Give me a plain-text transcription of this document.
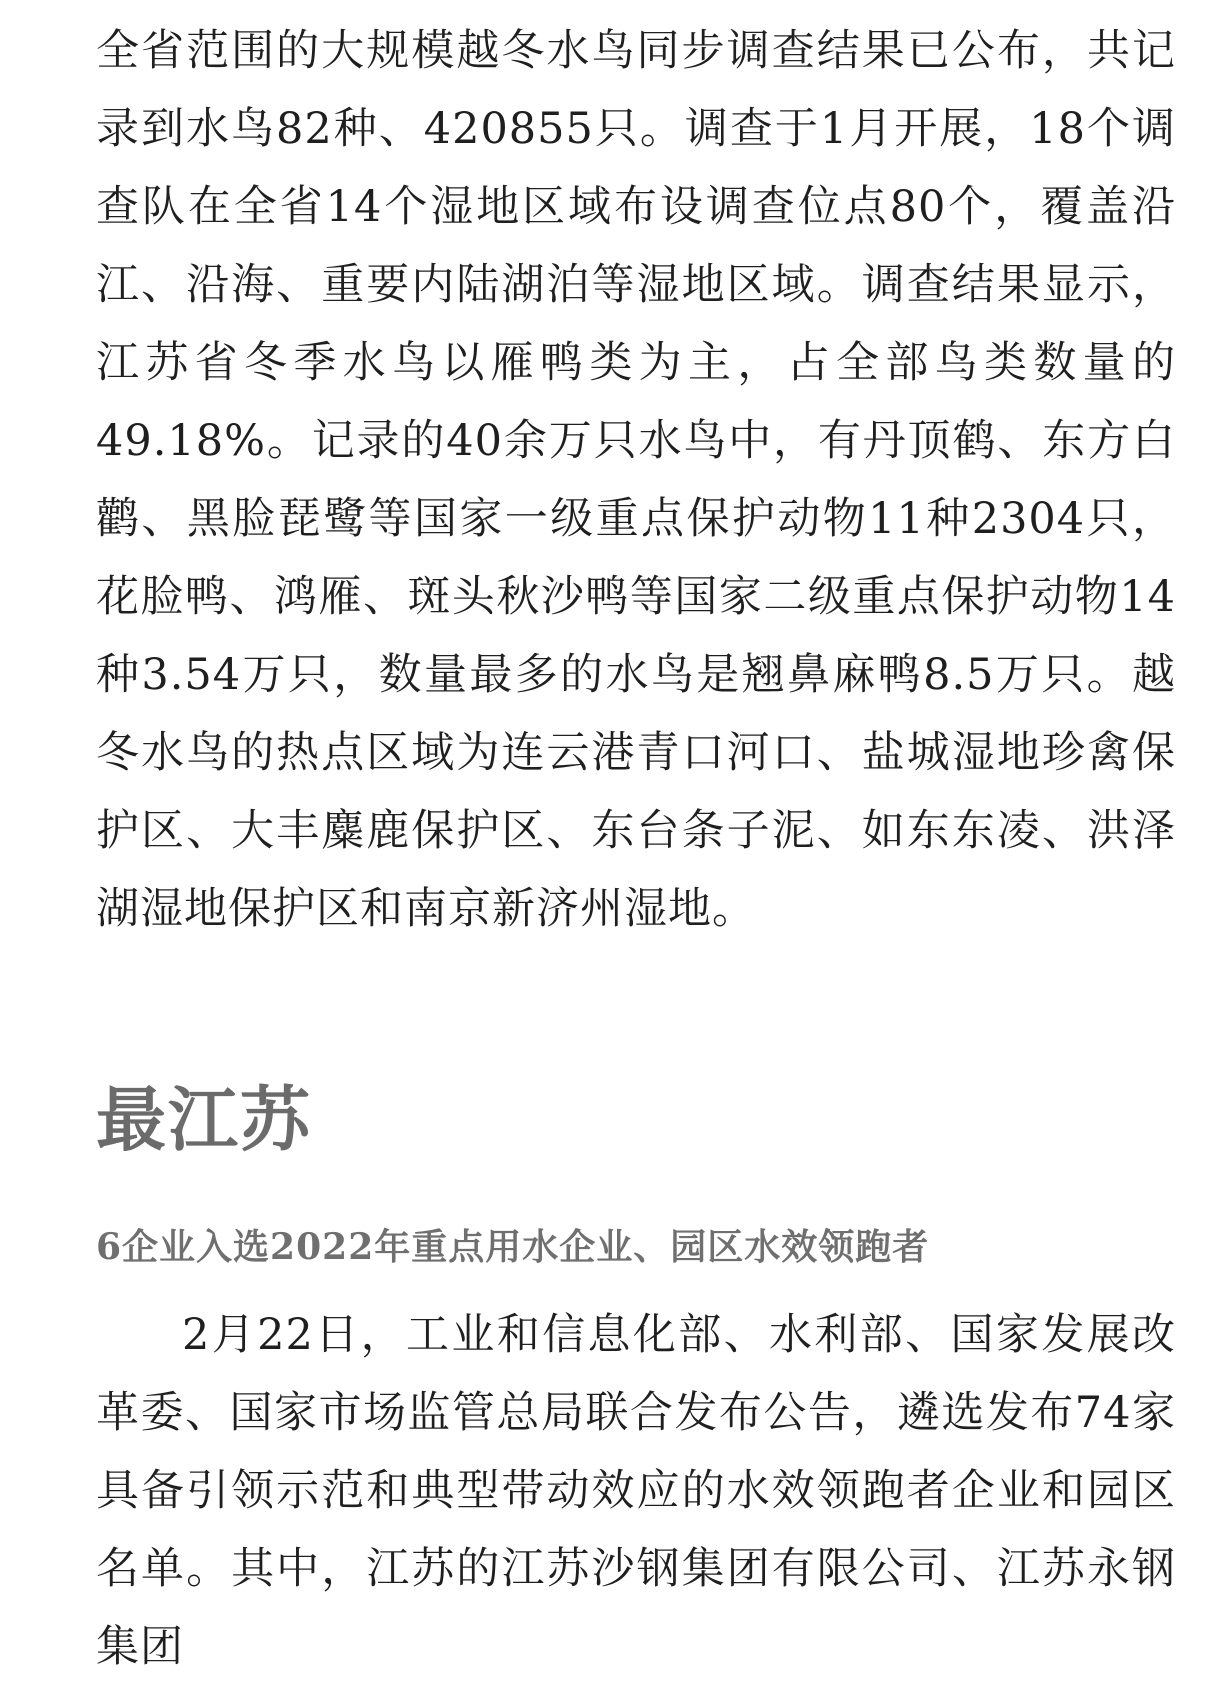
全省范围的大规模越冬水鸟同步调查结果已公布，共记录到水鸟82种、420855只。调查于1月开展，18个调查队在全省14个湿地区域布设调查位点80个，覆盖沿江、沿海、重要内陆湖泊等湿地区域。调查结果显示，江苏省冬季水鸟以雁鸭类为主，占全部鸟类数量的49.18%。记录的40余万只水鸟中，有丹顶鹤、东方白鹳、黑脸琵鹭等国家一级重点保护动物11种2304只，花脸鸭、鸿雁、斑头秋沙鸭等国家二级重点保护动物14种3.54万只，数量最多的水鸟是翘鼻麻鸭8.5万只。越冬水鸟的热点区域为连云港青口河口、盐城湿地珍禽保护区、大丰麋鹿保护区、东台条子泥、如东东凌、洪泽湖湿地保护区和南京新济州湿地。

最江苏
6企业入选2022年重点用水企业、园区水效领跑者

2月22日，工业和信息化部、水利部、国家发展改革委、国家市场监管总局联合发布公告，遴选发布74家具备引领示范和典型带动效应的水效领跑者企业和园区名单。其中，江苏的江苏沙钢集团有限公司、江苏永钢集团
